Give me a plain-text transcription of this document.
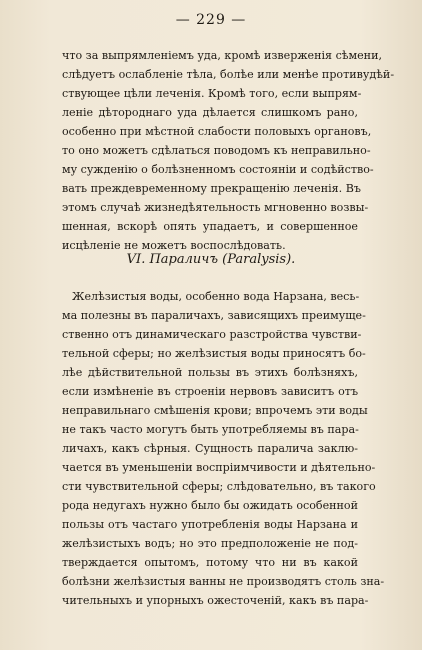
— 229 —
что за выпрямленіемъ уда, кромѣ изверженія сѣмени,
слѣдуетъ ослабленіе тѣла, болѣе или менѣе противудѣй-
ствующее цѣли леченія. Кромѣ того, если выпрям-
леніе дѣтороднаго уда дѣлается слишкомъ рано,
особенно при мѣстной слабости половыхъ органовъ,
то оно можетъ сдѣлаться поводомъ къ неправильно-
му сужденію о болѣзненномъ состояніи и содѣйство-
вать преждевременному прекращенію леченія. Въ
этомъ случаѣ жизнедѣятельность мгновенно возвы-
шенная, вскорѣ опять упадаетъ, и совершенное
исцѣленіе не можетъ воспослѣдовать.
VI. Параличъ (Paralysis).
Желѣзистыя воды, особенно вода Нарзана, весь-
ма полезны въ параличахъ, зависящихъ преимуще-
ственно отъ динамическаго разстройства чувстви-
тельной сферы; но желѣзистыя воды приносятъ бо-
лѣе дѣйствительной пользы въ этихъ болѣзняхъ,
если измѣненіе въ строеніи нервовъ зависитъ отъ
неправильнаго смѣшенія крови; впрочемъ эти воды
не такъ часто могутъ быть употребляемы въ пара-
личахъ, какъ сѣрныя. Сущность паралича заклю-
чается въ уменьшеніи воспріимчивости и дѣятельно-
сти чувствительной сферы; слѣдовательно, въ такого
рода недугахъ нужно было бы ожидать особенной
пользы отъ частаго употребленія воды Нарзана и
желѣзистыхъ водъ; но это предположеніе не под-
тверждается опытомъ, потому что ни въ какой
болѣзни желѣзистыя ванны не производятъ столь зна-
чительныхъ и упорныхъ ожесточеній, какъ въ пара-
